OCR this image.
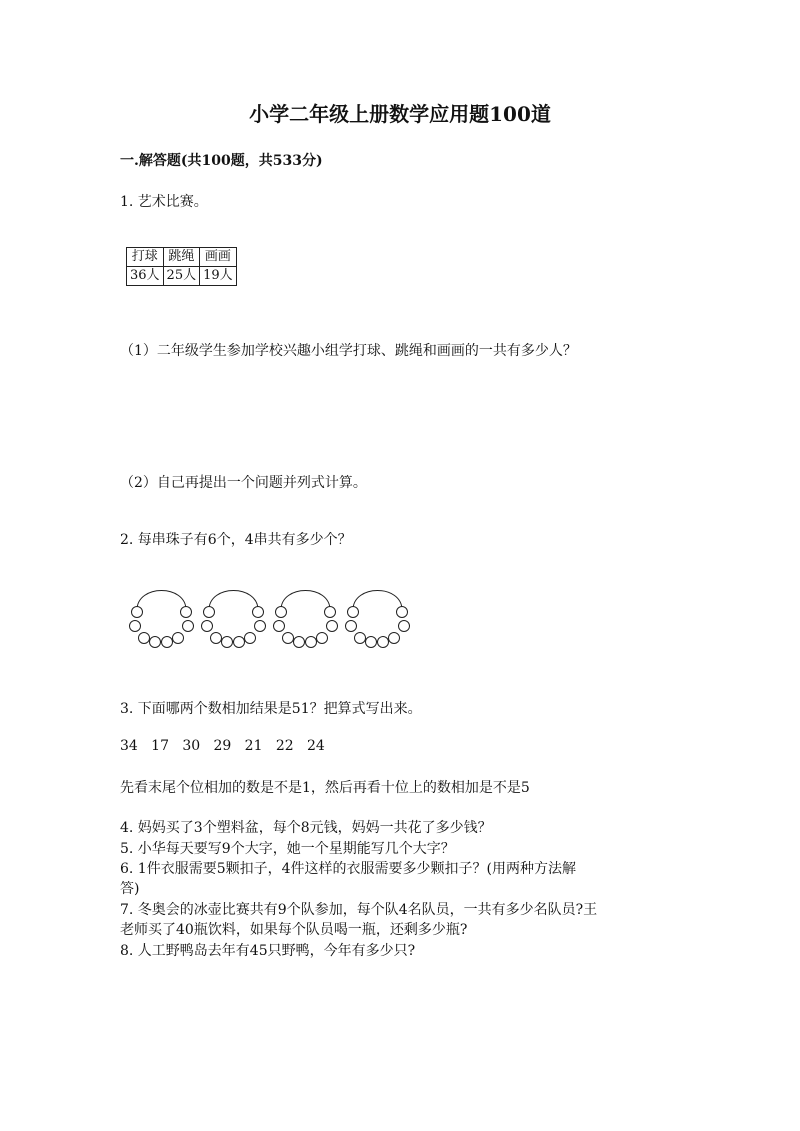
小学二年级上册数学应用题100道
一.解答题(共100题，共533分)
1. 艺术比赛。
打球	跳绳	画画
36人	25人	19人
（1）二年级学生参加学校兴趣小组学打球、跳绳和画画的一共有多少人？
（2）自己再提出一个问题并列式计算。
2. 每串珠子有6个，4串共有多少个？
3. 下面哪两个数相加结果是51？把算式写出来。
34   17   30   29   21   22   24
先看末尾个位相加的数是不是1，然后再看十位上的数相加是不是5
4. 妈妈买了3个塑料盆，每个8元钱，妈妈一共花了多少钱？
5. 小华每天要写9个大字，她一个星期能写几个大字？
6. 1件衣服需要5颗扣子，4件这样的衣服需要多少颗扣子？(用两种方法解
答)
7. 冬奥会的冰壶比赛共有9个队参加，每个队4名队员，一共有多少名队员?王
老师买了40瓶饮料，如果每个队员喝一瓶，还剩多少瓶?
8. 人工野鸭岛去年有45只野鸭，今年有多少只?
